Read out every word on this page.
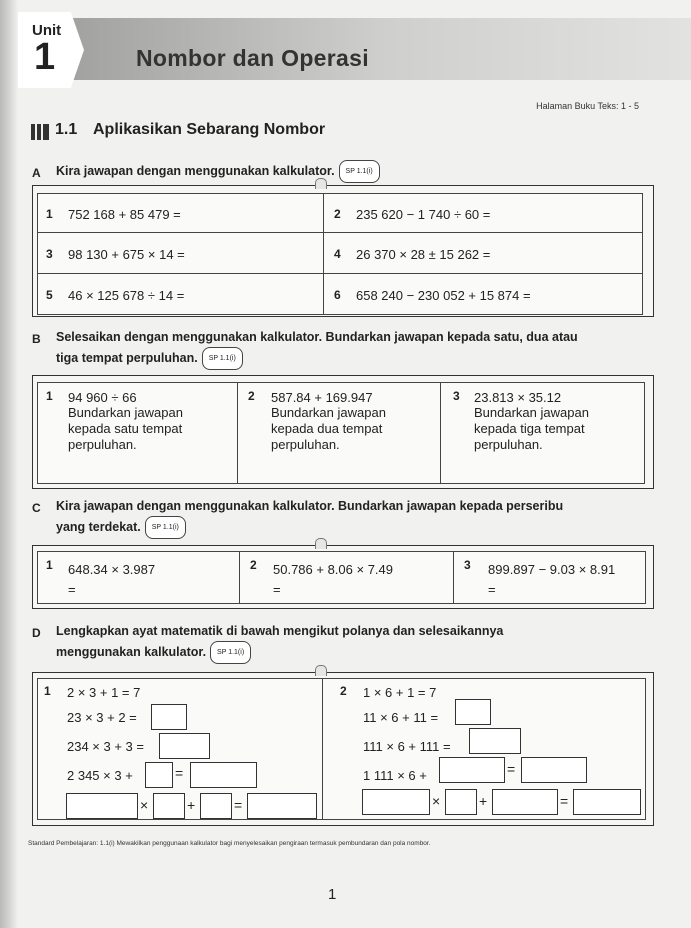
Unit
1	Nombor dan Operasi
Halaman Buku Teks: 1 - 5
1.1 Aplikasikan Sebarang Nombor
A Kira jawapan dengan menggunakan kalkulator. SP 1.1(i)
1 752 168 + 85 479 =	2 235 620 − 1 740 ÷ 60 =
3 98 130 + 675 × 14 =	4 26 370 × 28 ± 15 262 =
5 46 × 125 678 ÷ 14 =	6 658 240 − 230 052 + 15 874 =
B Selesaikan dengan menggunakan kalkulator. Bundarkan jawapan kepada satu, dua atau
tiga tempat perpuluhan. SP 1.1(i)
1 94 960 ÷ 66
Bundarkan jawapan
kepada satu tempat
perpuluhan.
2 587.84 + 169.947
Bundarkan jawapan
kepada dua tempat
perpuluhan.
3 23.813 × 35.12
Bundarkan jawapan
kepada tiga tempat
perpuluhan.
C Kira jawapan dengan menggunakan kalkulator. Bundarkan jawapan kepada perseribu
yang terdekat. SP 1.1(i)
1 648.34 × 3.987
=
2 50.786 + 8.06 × 7.49
=
3 899.897 − 9.03 × 8.91
=
D Lengkapkan ayat matematik di bawah mengikut polanya dan selesaikannya
menggunakan kalkulator. SP 1.1(i)
1 2 × 3 + 1 = 7
23 × 3 + 2 =
234 × 3 + 3 =
2 345 × 3 +	=
×	+	=
2 1 × 6 + 1 = 7
11 × 6 + 11 =
111 × 6 + 111 =
1 111 × 6 +	=
×	+	=
Standard Pembelajaran: 1.1(i) Mewakilkan penggunaan kalkulator bagi menyelesaikan pengiraan termasuk pembundaran dan pola nombor.
1
